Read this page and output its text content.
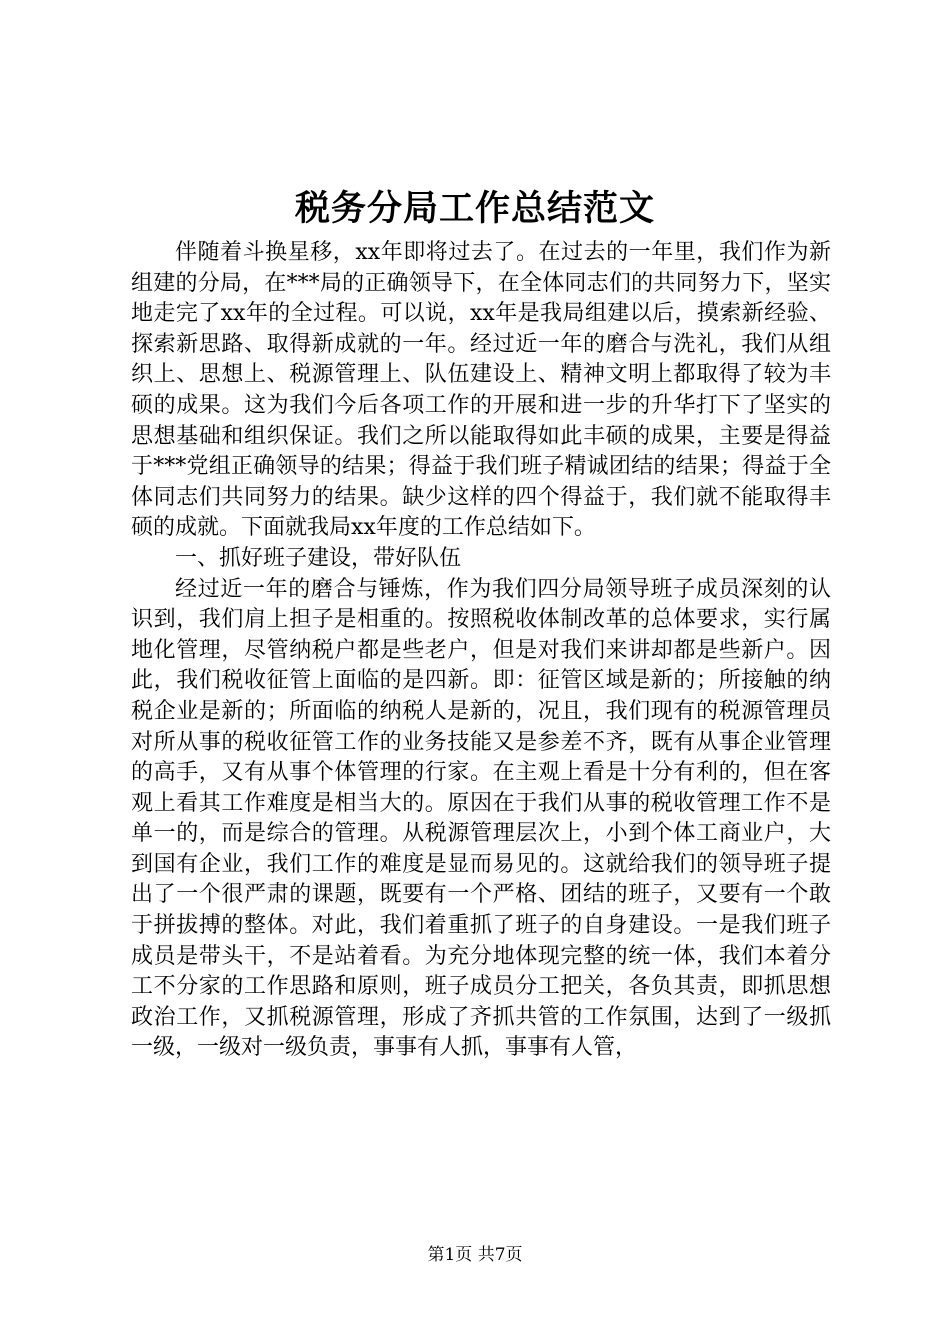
税务分局工作总结范文

伴随着斗换星移，xx年即将过去了。在过去的一年里，我们作为新组建的分局，在***局的正确领导下，在全体同志们的共同努力下，坚实地走完了xx年的全过程。可以说，xx年是我局组建以后，摸索新经验、探索新思路、取得新成就的一年。经过近一年的磨合与洗礼，我们从组织上、思想上、税源管理上、队伍建设上、精神文明上都取得了较为丰硕的成果。这为我们今后各项工作的开展和进一步的升华打下了坚实的思想基础和组织保证。我们之所以能取得如此丰硕的成果，主要是得益于***党组正确领导的结果；得益于我们班子精诚团结的结果；得益于全体同志们共同努力的结果。缺少这样的四个得益于，我们就不能取得丰硕的成就。下面就我局xx年度的工作总结如下。

一、抓好班子建设，带好队伍

经过近一年的磨合与锤炼，作为我们四分局领导班子成员深刻的认识到，我们肩上担子是相重的。按照税收体制改革的总体要求，实行属地化管理，尽管纳税户都是些老户，但是对我们来讲却都是些新户。因此，我们税收征管上面临的是四新。即：征管区域是新的；所接触的纳税企业是新的；所面临的纳税人是新的，况且，我们现有的税源管理员对所从事的税收征管工作的业务技能又是参差不齐，既有从事企业管理的高手，又有从事个体管理的行家。在主观上看是十分有利的，但在客观上看其工作难度是相当大的。原因在于我们从事的税收管理工作不是单一的，而是综合的管理。从税源管理层次上，小到个体工商业户，大到国有企业，我们工作的难度是显而易见的。这就给我们的领导班子提出了一个很严肃的课题，既要有一个严格、团结的班子，又要有一个敢于拼拔搏的整体。对此，我们着重抓了班子的自身建设。一是我们班子成员是带头干，不是站着看。为充分地体现完整的统一体，我们本着分工不分家的工作思路和原则，班子成员分工把关，各负其责，即抓思想政治工作，又抓税源管理，形成了齐抓共管的工作氛围，达到了一级抓一级，一级对一级负责，事事有人抓，事事有人管，

第1页 共7页
